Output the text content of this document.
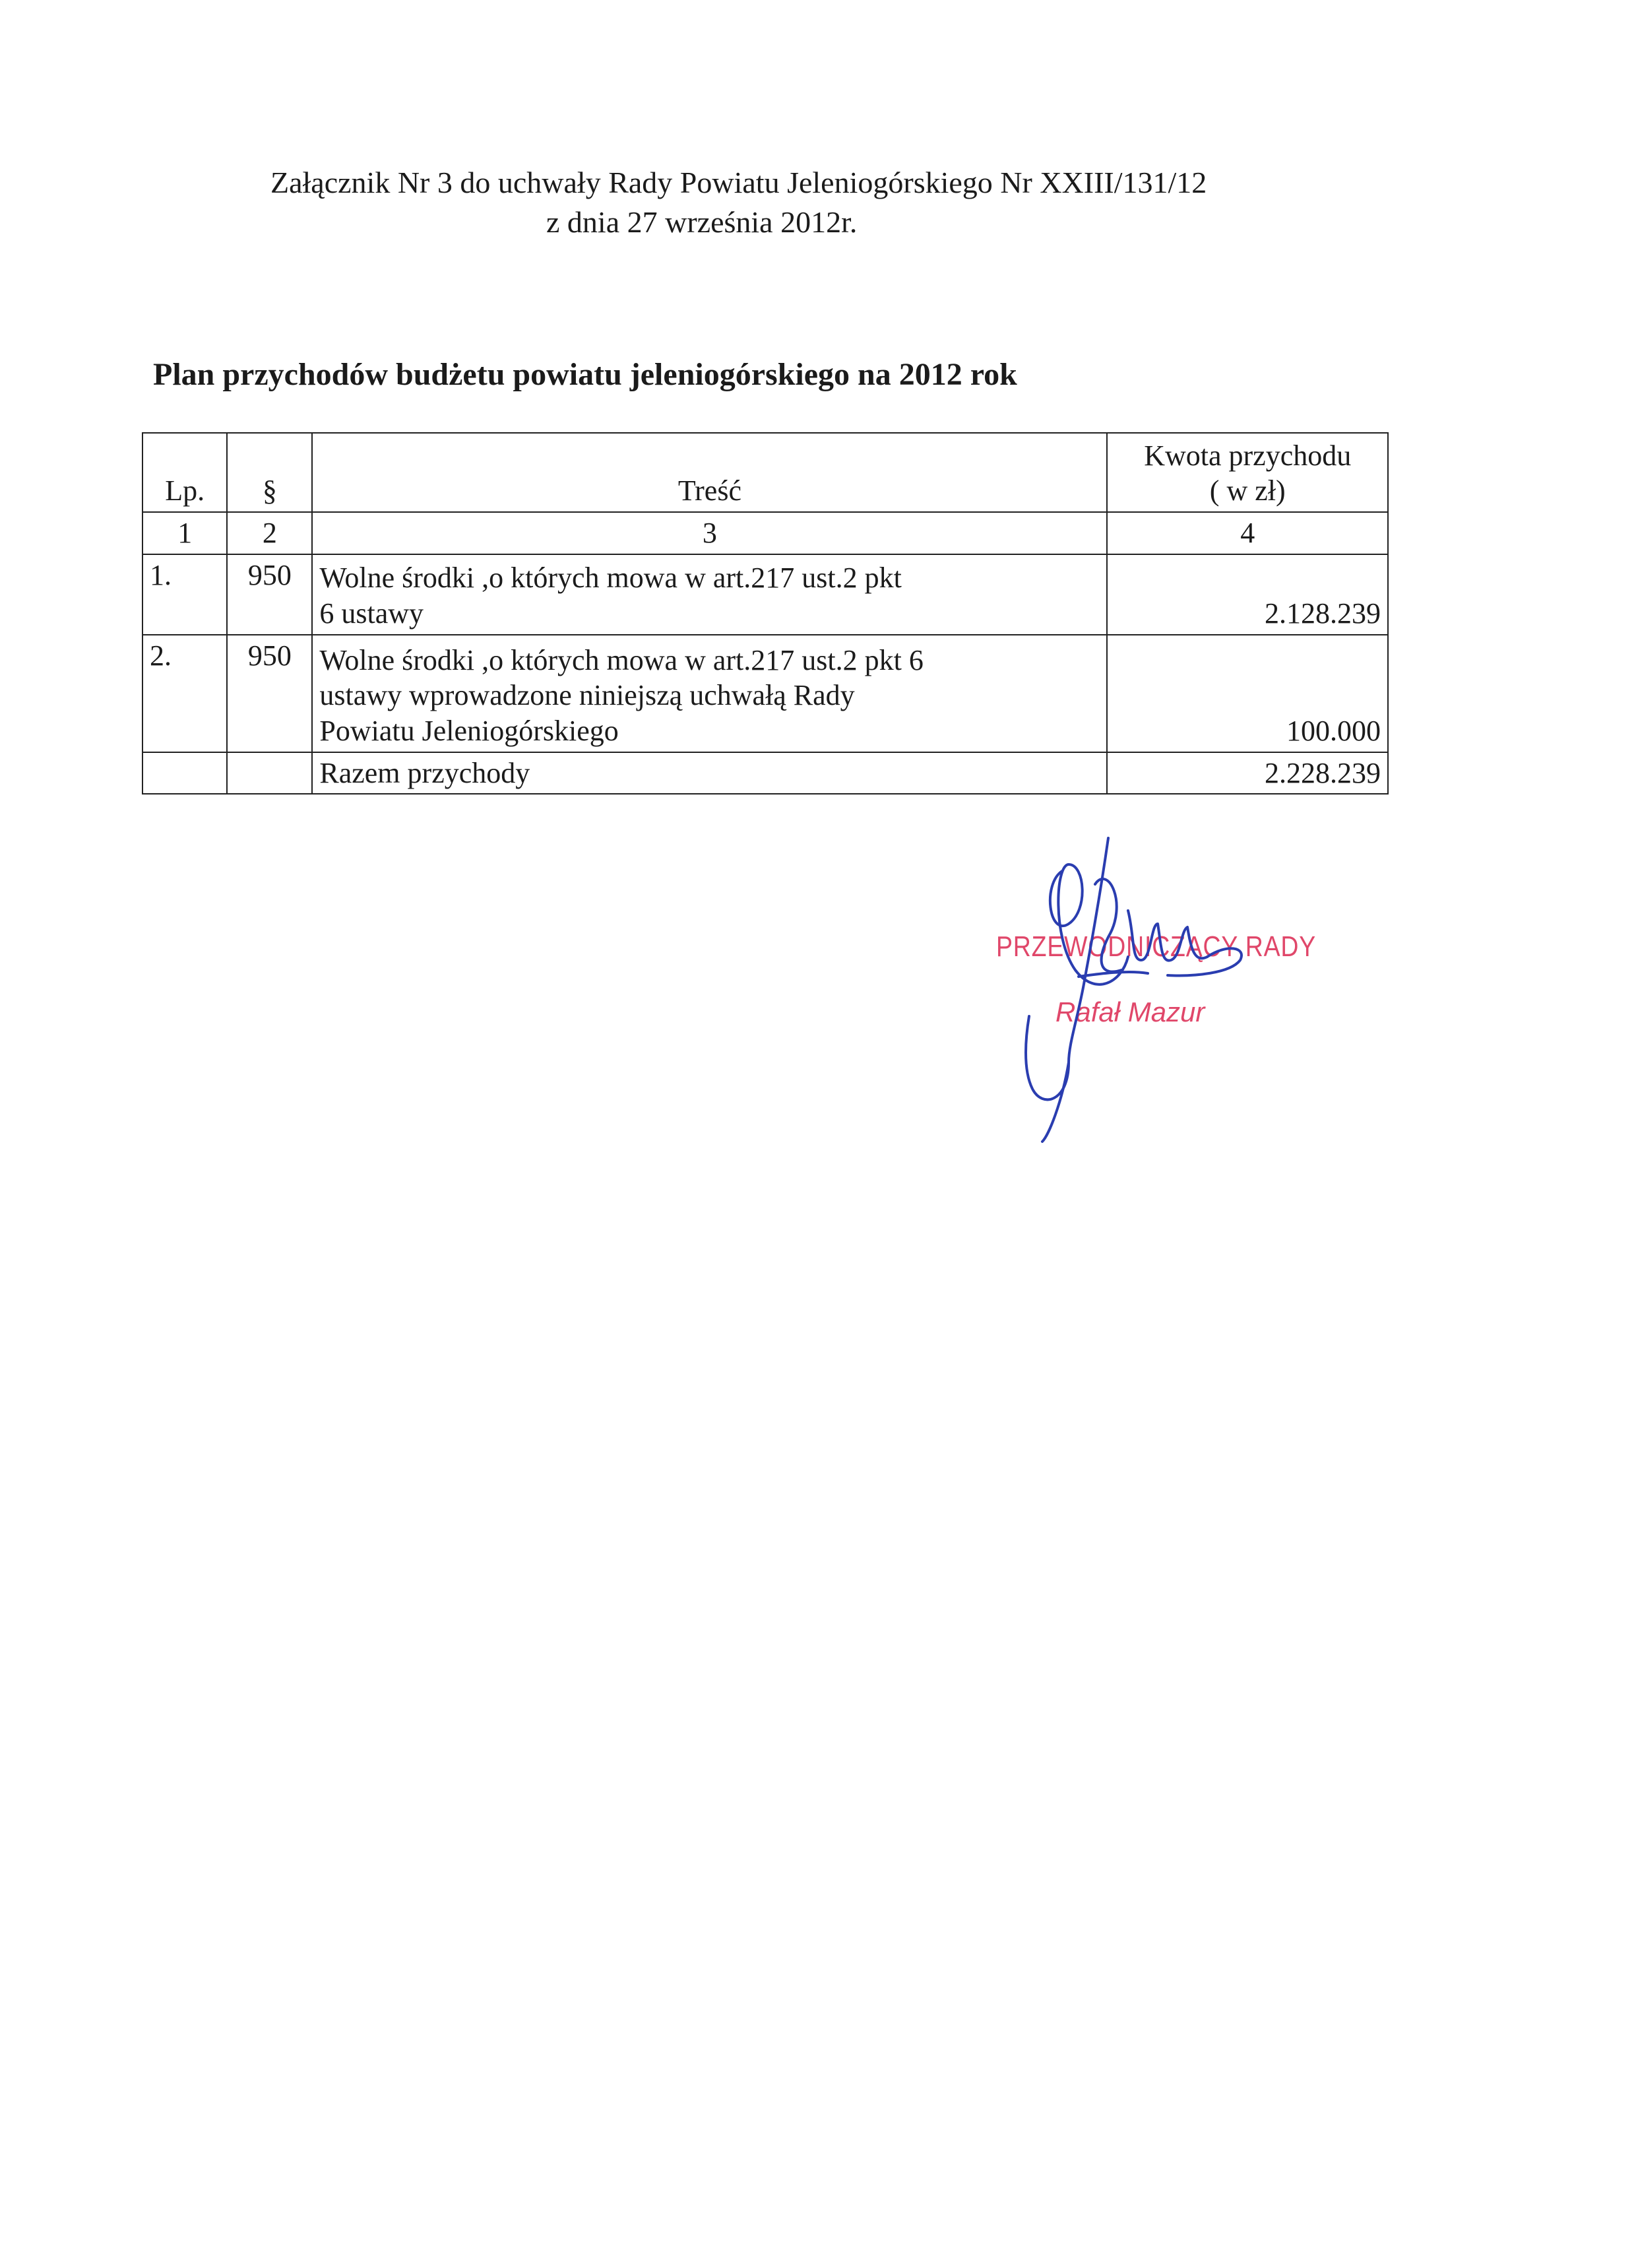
Załącznik Nr 3 do uchwały Rady Powiatu Jeleniogórskiego Nr XXIII/131/12
z dnia 27 września 2012r.
Plan przychodów budżetu powiatu jeleniogórskiego na 2012 rok
Lp.	§	Treść	Kwota przychodu
( w zł)

1	2	3	4
1.	950	Wolne środki ,o których mowa w art.217 ust.2 pkt
6 ustawy	2.128.239
2.	950	Wolne środki ,o których mowa w art.217 ust.2 pkt 6
ustawy wprowadzone niniejszą uchwałą Rady
Powiatu Jeleniogórskiego	100.000
		Razem przychody	2.228.239
PRZEWODNICZĄCY RADY
Rafał Mazur
